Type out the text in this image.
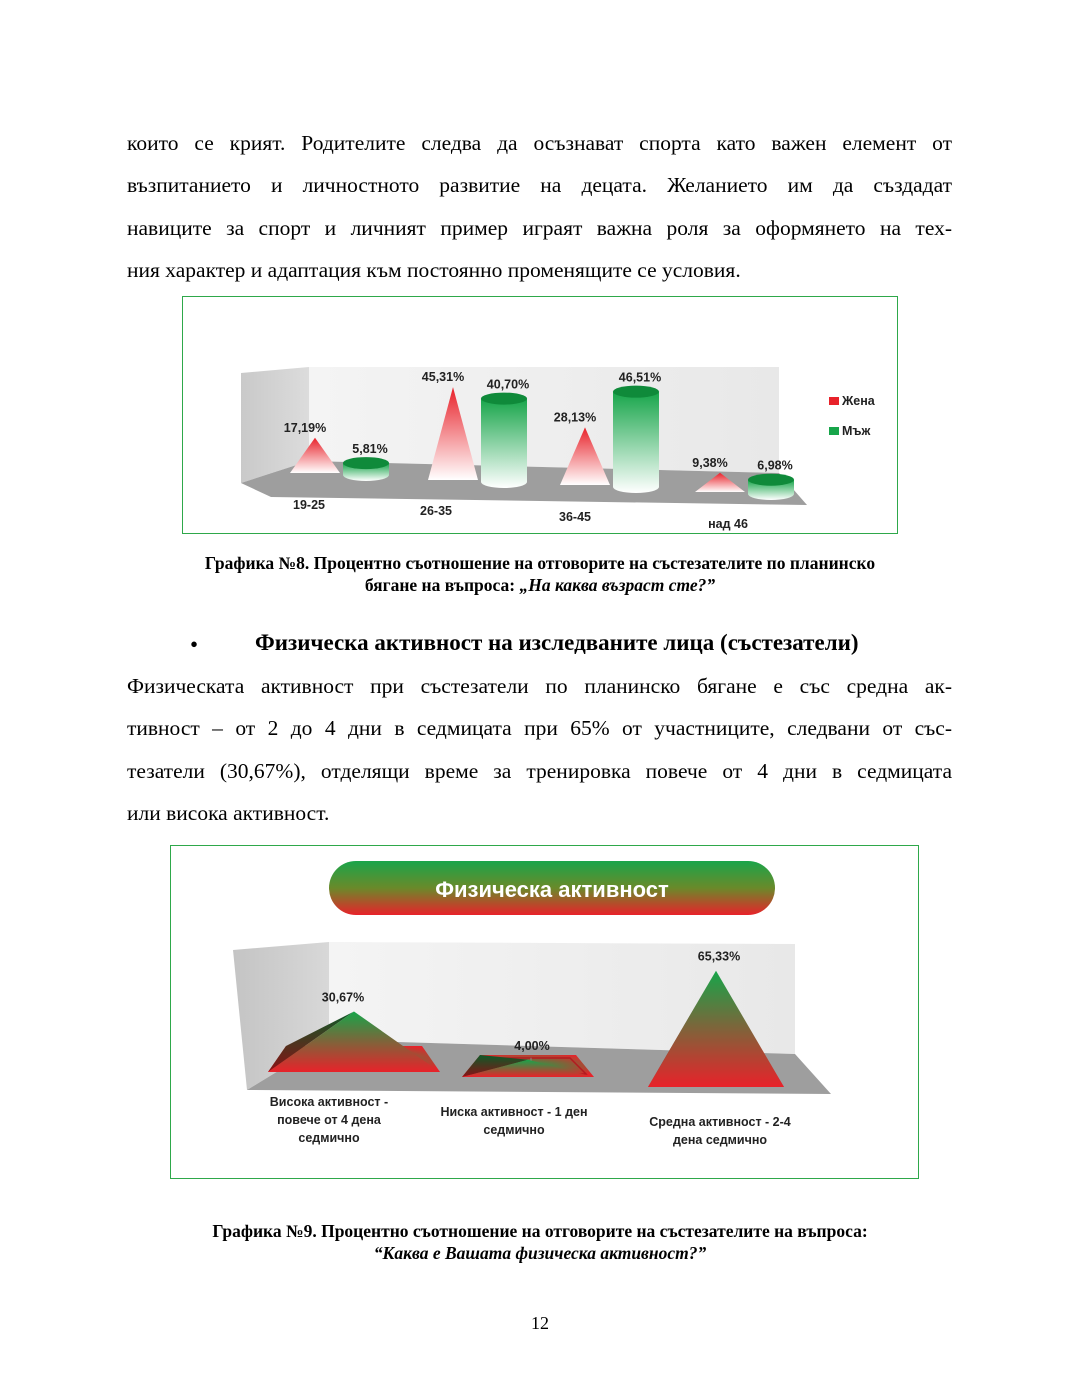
които се крият. Родителите следва да осъзнават спорта като важен елемент от
възпитанието и личностното развитие на децата. Желанието им да създадат
навиците за спорт и личният пример играят важна роля за оформянето на тех-
ния характер и адаптация към постоянно променящите се условия.
Жена
Мъж
17,19%
5,81%
19-25
45,31%
40,70%
26-35
28,13%
46,51%
36-45
9,38% 6,98%
над 46
Графика №8. Процентно съотношение на отговорите на състезателите по планинско
бягане на въпроса: „На каква възраст сте?”
• Физическа активност на изследваните лица (състезатели)
Физическата активност при състезатели по планинско бягане е със средна ак-
тивност – от 2 до 4 дни в седмицата при 65% от участниците, следвани от със-
тезатели (30,67%), отделящи време за тренировка повече от 4 дни в седмицата
или висока активност.
Физическа активност
30,67%
4,00%
65,33%
Висока активност -
повече от 4 дена
седмично
Ниска активност - 1 ден
седмично
Средна активност - 2-4
дена седмично
Графика №9. Процентно съотношение на отговорите на състезателите на въпроса:
“Каква е Вашата физическа активност?”
12
